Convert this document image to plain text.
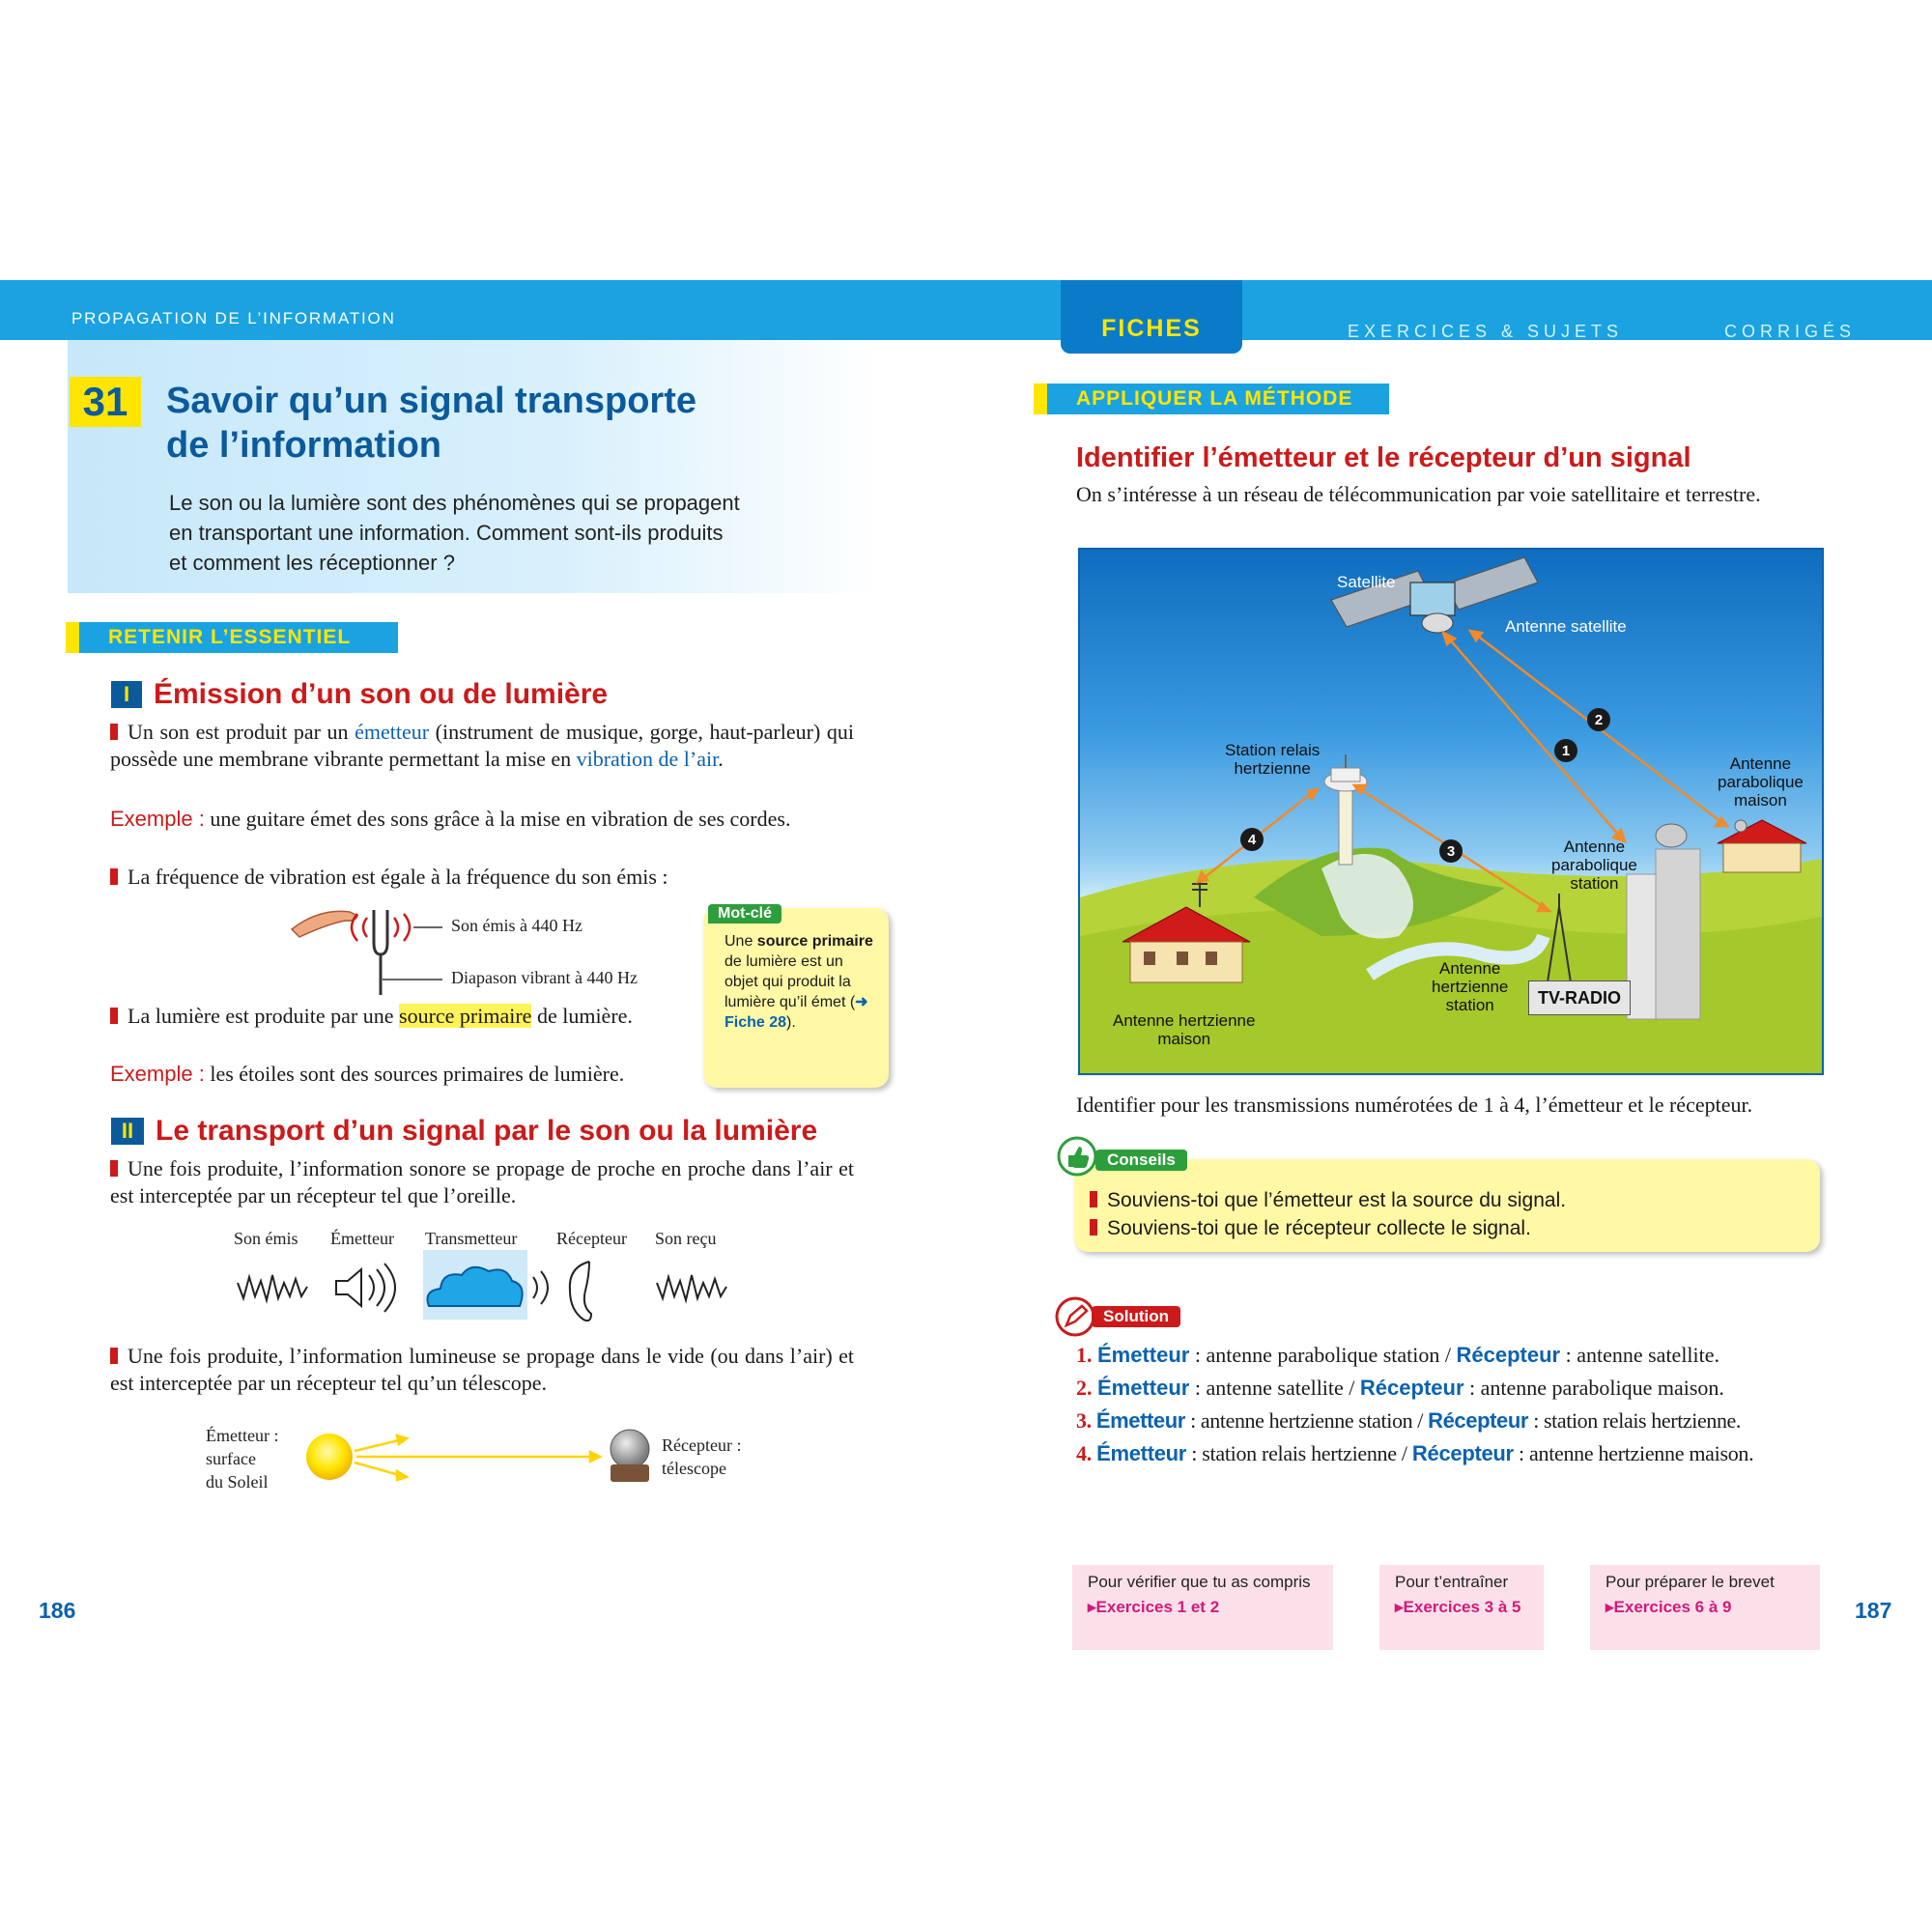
PROPAGATION DE L’INFORMATION	FICHES	EXERCICES & SUJETS	CORRIGÉS
31	Savoir qu’un signal transporte
de l’information
Le son ou la lumière sont des phénomènes qui se propagent
en transportant une information. Comment sont-ils produits
et comment les réceptionner ?
RETENIR L’ESSENTIEL
I Émission d’un son ou de lumière
Un son est produit par un émetteur (instrument de musique, gorge, haut-parleur) qui possède une membrane vibrante permettant la mise en vibration de l’air.
Exemple : une guitare émet des sons grâce à la mise en vibration de ses cordes.
La fréquence de vibration est égale à la fréquence du son émis :
Son émis à 440 Hz
Diapason vibrant à 440 Hz
La lumière est produite par une source primaire de lumière.
Exemple : les étoiles sont des sources primaires de lumière.
Mot-clé
Une source primaire de lumière est un objet qui produit la lumière qu’il émet (➜ Fiche 28).
II Le transport d’un signal par le son ou la lumière
Une fois produite, l’information sonore se propage de proche en proche dans l’air et est interceptée par un récepteur tel que l’oreille.
Son émis Émetteur Transmetteur Récepteur Son reçu
Une fois produite, l’information lumineuse se propage dans le vide (ou dans l’air) et est interceptée par un récepteur tel qu’un télescope.
Émetteur :
surface
du Soleil
Récepteur :
télescope
186
APPLIQUER LA MÉTHODE
Identifier l’émetteur et le récepteur d’un signal
On s’intéresse à un réseau de télécommunication par voie satellitaire et terrestre.
1
2
3
4
Satellite
Antenne satellite
Station relais
hertzienne	Antenne
parabolique
maison
Antenne
parabolique
station
Antenne
hertzienne
station
Antenne hertzienne
maison
TV-RADIO
Identifier pour les transmissions numérotées de 1 à 4, l’émetteur et le récepteur.
Conseils
Souviens-toi que l’émetteur est la source du signal.
Souviens-toi que le récepteur collecte le signal.
Solution
1. Émetteur : antenne parabolique station / Récepteur : antenne satellite.
2. Émetteur : antenne satellite / Récepteur : antenne parabolique maison.
3. Émetteur : antenne hertzienne station / Récepteur : station relais hertzienne.
4. Émetteur : station relais hertzienne / Récepteur : antenne hertzienne maison.
Pour vérifier que tu as compris
▸Exercices 1 et 2
Pour t’entraîner
▸Exercices 3 à 5
Pour préparer le brevet
▸Exercices 6 à 9	187
